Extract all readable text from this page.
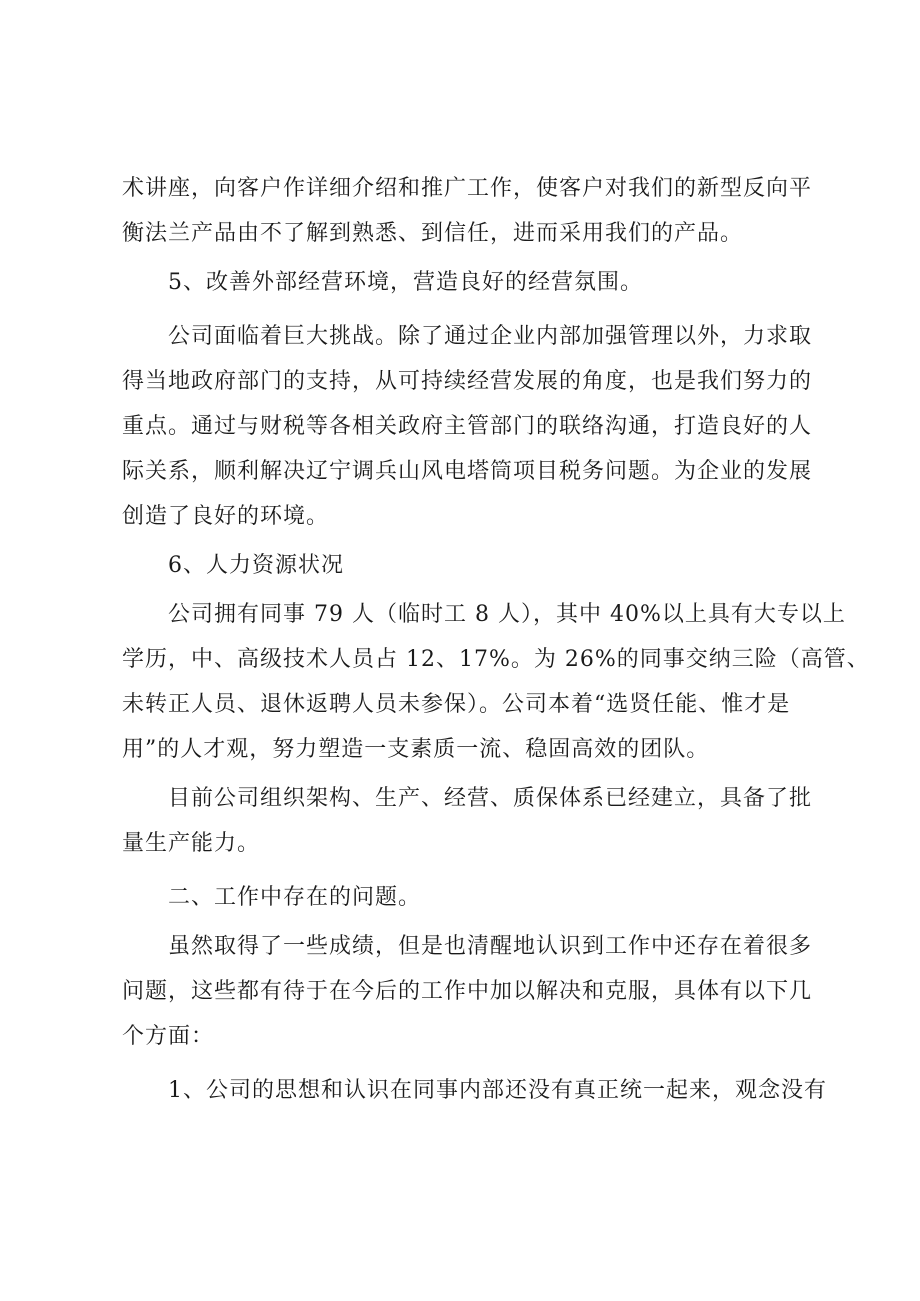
术讲座，向客户作详细介绍和推广工作，使客户对我们的新型反向平
衡法兰产品由不了解到熟悉、到信任，进而采用我们的产品。
　　5、改善外部经营环境，营造良好的经营氛围。
　　公司面临着巨大挑战。除了通过企业内部加强管理以外，力求取
得当地政府部门的支持，从可持续经营发展的角度，也是我们努力的
重点。通过与财税等各相关政府主管部门的联络沟通，打造良好的人
际关系，顺利解决辽宁调兵山风电塔筒项目税务问题。为企业的发展
创造了良好的环境。
　　6、人力资源状况
　　公司拥有同事 79 人（临时工 8 人），其中 40%以上具有大专以上
学历，中、高级技术人员占 12、17%。为 26%的同事交纳三险（高管、
未转正人员、退休返聘人员未参保）。公司本着“选贤任能、惟才是
用”的人才观，努力塑造一支素质一流、稳固高效的团队。
　　目前公司组织架构、生产、经营、质保体系已经建立，具备了批
量生产能力。
　　二、工作中存在的问题。
　　虽然取得了一些成绩，但是也清醒地认识到工作中还存在着很多
问题，这些都有待于在今后的工作中加以解决和克服，具体有以下几
个方面：
　　1、公司的思想和认识在同事内部还没有真正统一起来，观念没有
